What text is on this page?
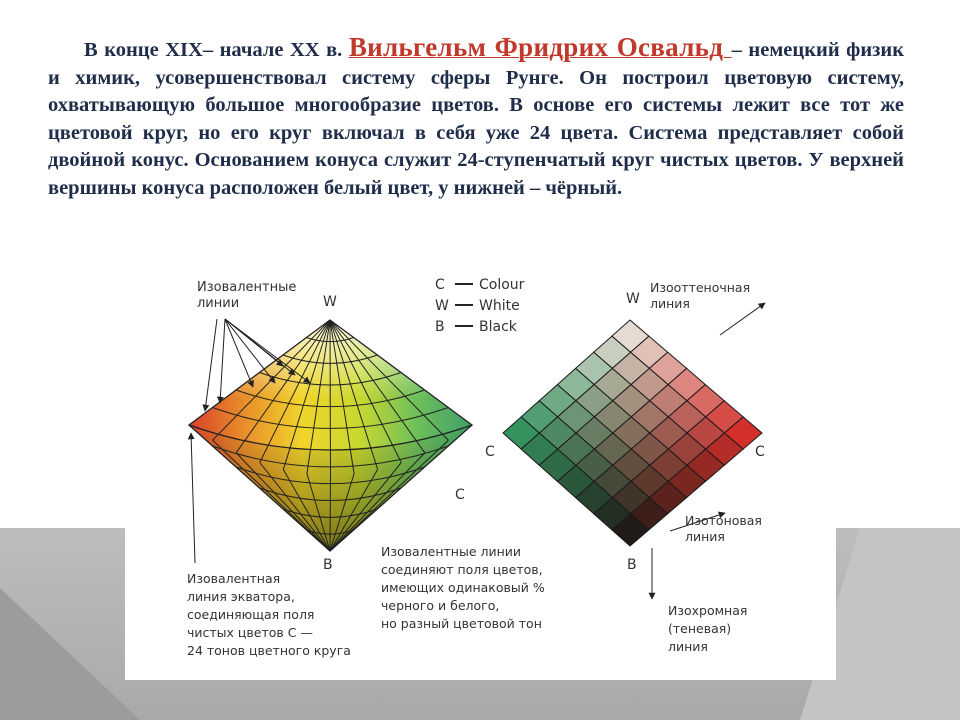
В конце XIX– начале XX в. Вильгельм Фридрих Освальд – немецкий физик и химик, усовершенствовал систему сферы Рунге. Он построил цветовую систему, охватывающую большое многообразие цветов. В основе его системы лежит все тот же цветовой круг, но его круг включал в себя уже 24 цвета. Система представляет собой двойной конус. Основанием конуса служит 24-ступенчатый круг чистых цветов. У верхней вершины конуса расположен белый цвет, у нижней – чёрный.

Изовалентные
линии	W
B
C
Изовалентная
линия экватора,
соединяющая поля
чистых цветов С —
24 тонов цветного круга
Изовалентные линии
соединяют поля цветов,
имеющих одинаковый %
черного и белого,
но разный цветовой тон
C Colour
W White
B Black
W
C	C
B
Изооттеночная
линия
Изотоновая
линия
Изохромная
(теневая)
линия
